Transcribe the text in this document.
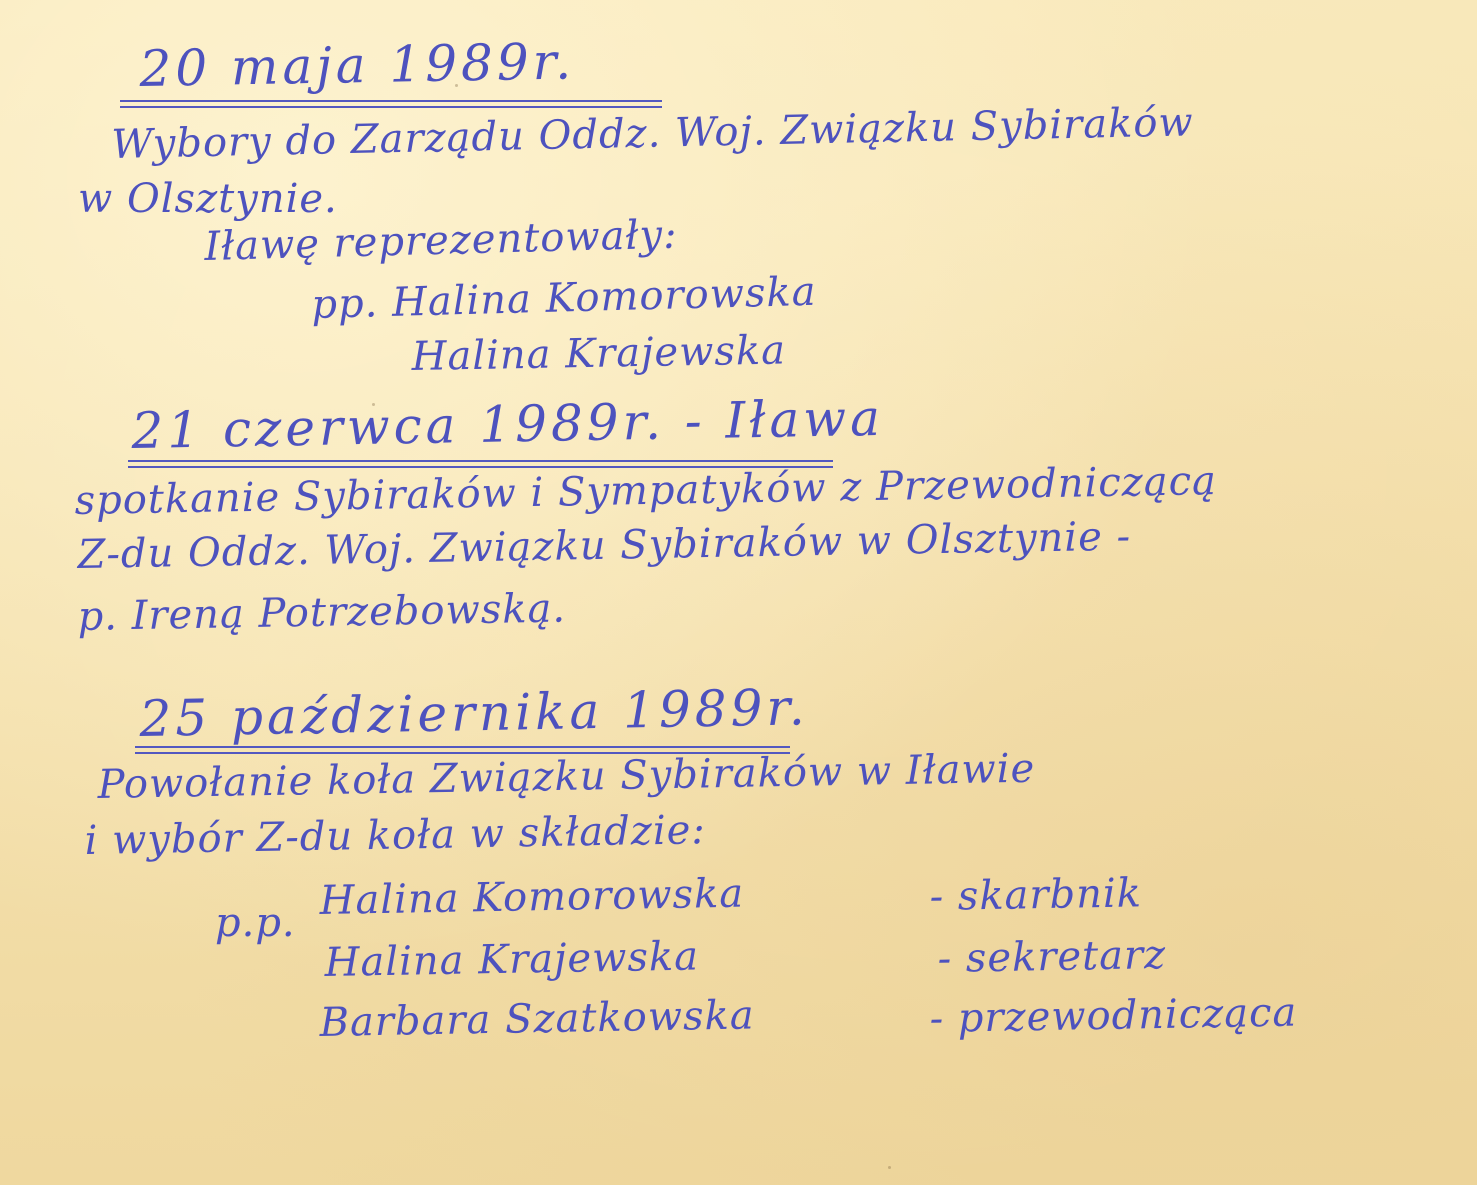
20 maja 1989r.
Wybory do Zarządu Oddz. Woj. Związku Sybiraków
w Olsztynie.
Iławę reprezentowały:
pp. Halina Komorowska
Halina Krajewska
21 czerwca 1989r. - Iława
spotkanie Sybiraków i Sympatyków z Przewodniczącą
Z-du Oddz. Woj. Związku Sybiraków w Olsztynie -
p. Ireną Potrzebowską.
25 października 1989r.
Powołanie koła Związku Sybiraków w Iławie
i wybór Z-du koła w składzie:
p.p. Halina Komorowska	- skarbnik
Halina Krajewska	- sekretarz
Barbara Szatkowska	- przewodnicząca
